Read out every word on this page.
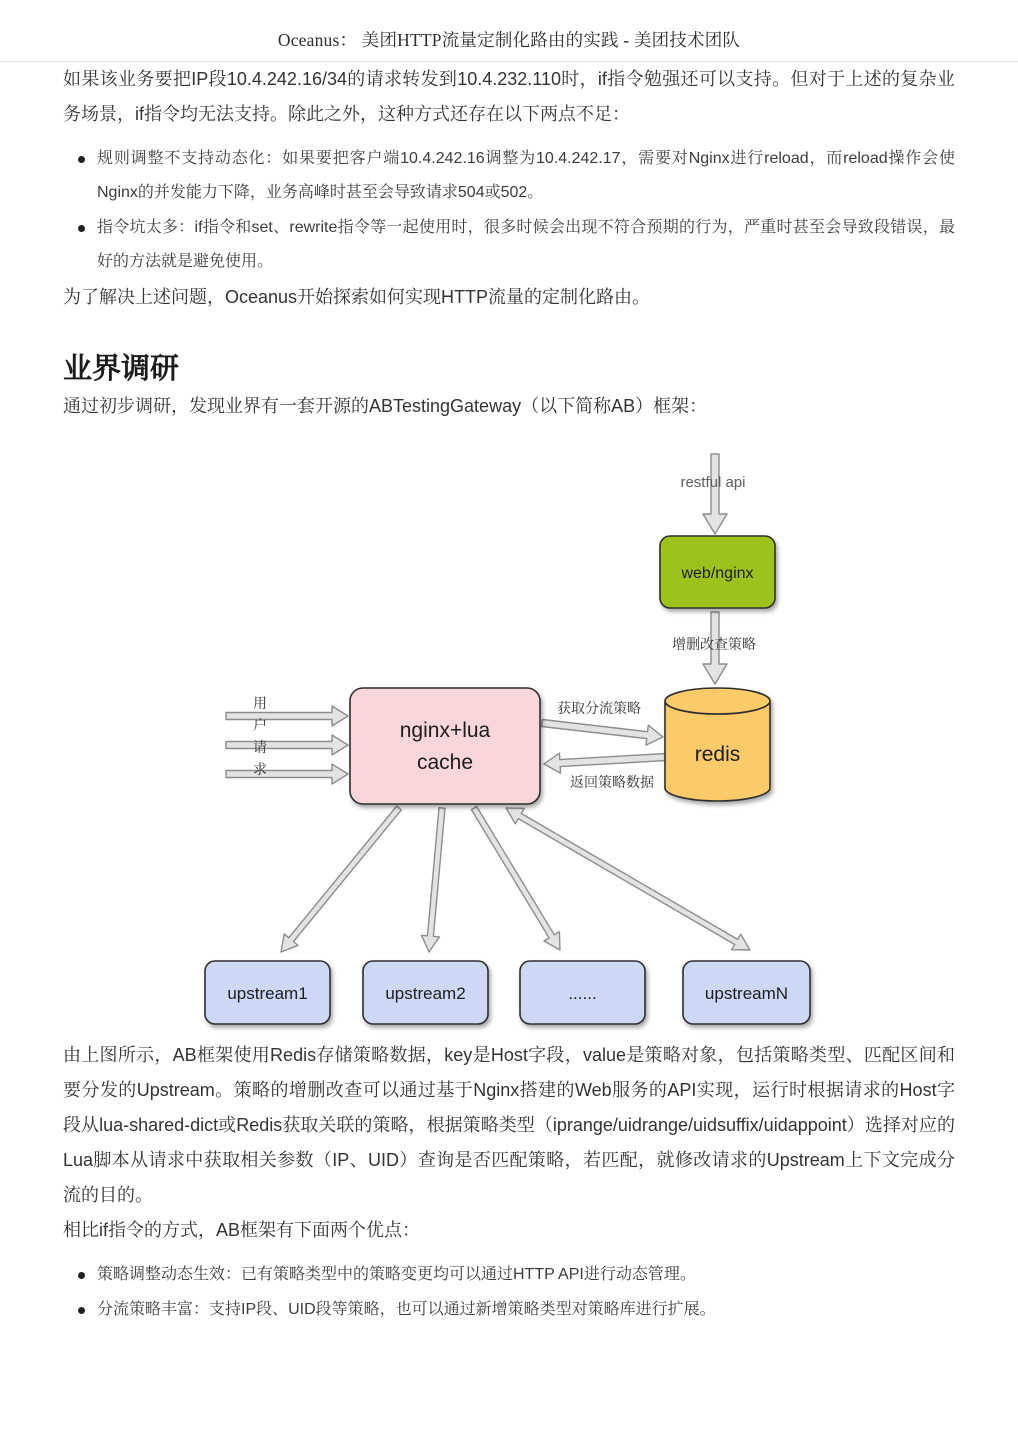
Oceanus： 美团HTTP流量定制化路由的实践 - 美团技术团队

如果该业务要把IP段10.4.242.16/34的请求转发到10.4.232.110时，if指令勉强还可以支持。但对于上述的复杂业务场景，if指令均无法支持。除此之外，这种方式还存在以下两点不足：

规则调整不支持动态化：如果要把客户端10.4.242.16调整为10.4.242.17，需要对Nginx进行reload，而reload操作会使Nginx的并发能力下降，业务高峰时甚至会导致请求504或502。
指令坑太多：if指令和set、rewrite指令等一起使用时，很多时候会出现不符合预期的行为，严重时甚至会导致段错误，最好的方法就是避免使用。

为了解决上述问题，Oceanus开始探索如何实现HTTP流量的定制化路由。

业界调研

通过初步调研，发现业界有一套开源的ABTestingGateway（以下简称AB）框架：

restful api
web/nginx
增删改查策略
redis
nginx+lua
cache
用户请求
获取分流策略
返回策略数据
upstream1	upstream2	......	upstreamN

由上图所示，AB框架使用Redis存储策略数据，key是Host字段，value是策略对象，包括策略类型、匹配区间和要分发的Upstream。策略的增删改查可以通过基于Nginx搭建的Web服务的API实现，运行时根据请求的Host字段从lua-shared-dict或Redis获取关联的策略，根据策略类型（iprange/uidrange/uidsuffix/uidappoint）选择对应的Lua脚本从请求中获取相关参数（IP、UID）查询是否匹配策略，若匹配，就修改请求的Upstream上下文完成分流的目的。

相比if指令的方式，AB框架有下面两个优点：

策略调整动态生效：已有策略类型中的策略变更均可以通过HTTP API进行动态管理。
分流策略丰富：支持IP段、UID段等策略，也可以通过新增策略类型对策略库进行扩展。
